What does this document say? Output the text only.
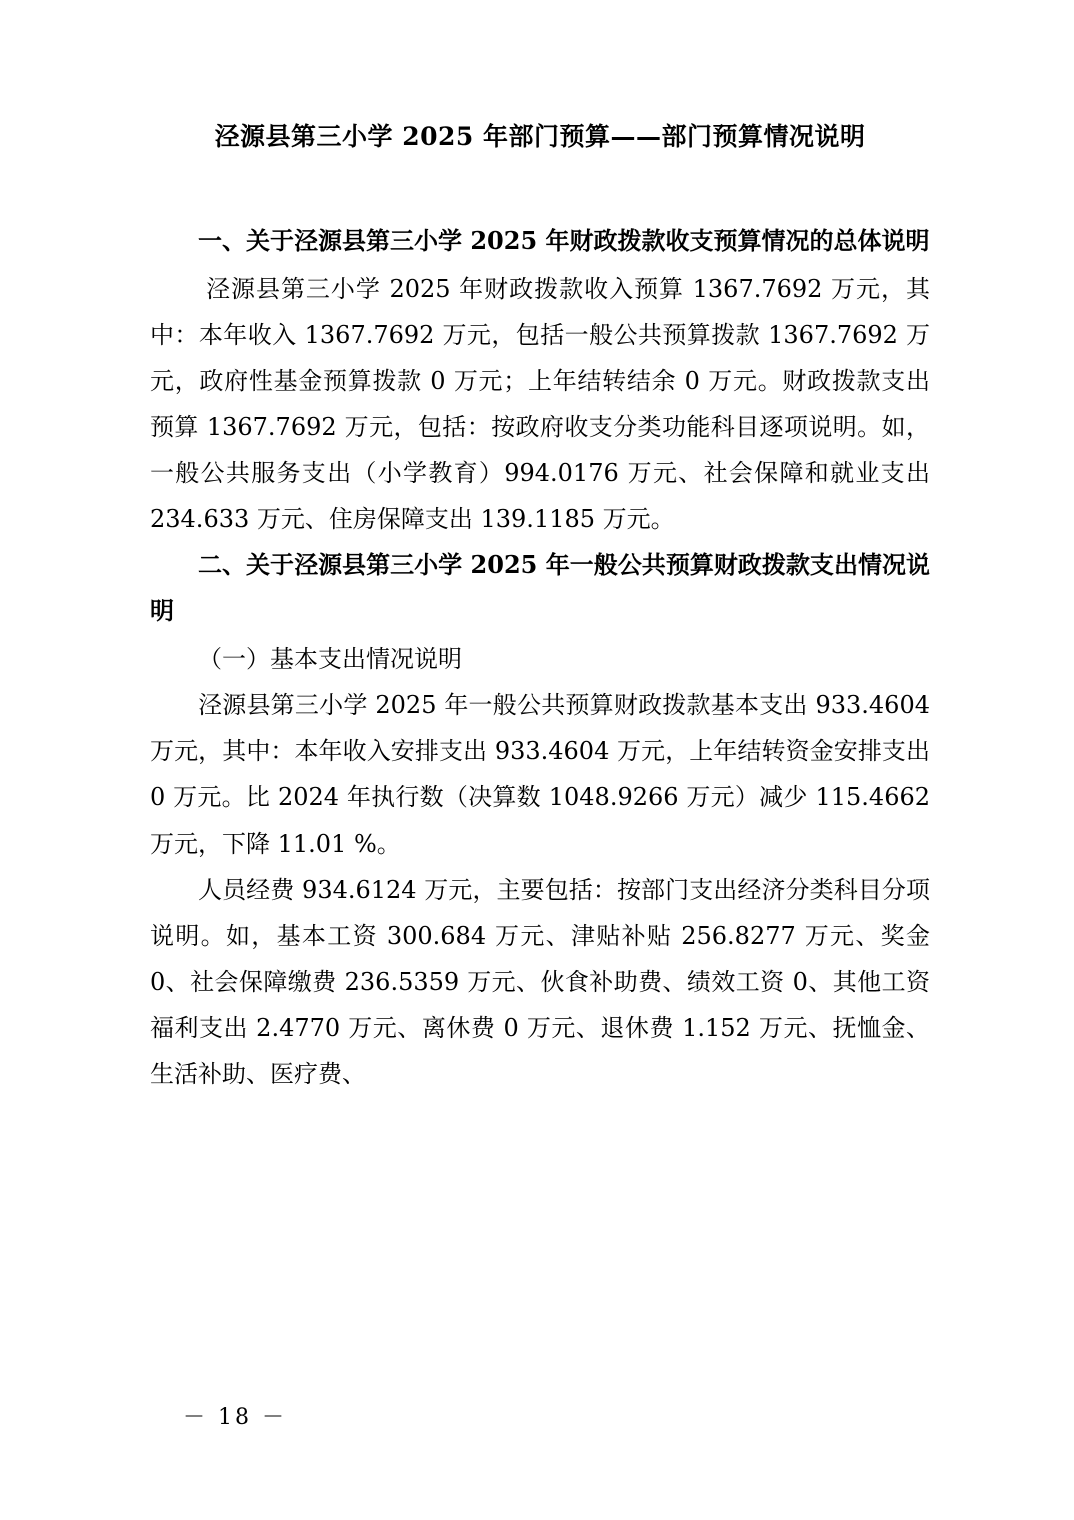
泾源县第三小学 2025 年部门预算——部门预算情况说明

一、关于泾源县第三小学 2025 年财政拨款收支预算情况的总体说明

泾源县第三小学 2025 年财政拨款收入预算 1367.7692 万元，其中：本年收入 1367.7692 万元，包括一般公共预算拨款 1367.7692 万元，政府性基金预算拨款 0 万元；上年结转结余 0 万元。财政拨款支出预算 1367.7692 万元，包括：按政府收支分类功能科目逐项说明。如，一般公共服务支出（小学教育）994.0176 万元、社会保障和就业支出 234.633 万元、住房保障支出 139.1185 万元。

二、关于泾源县第三小学 2025 年一般公共预算财政拨款支出情况说明

（一）基本支出情况说明

泾源县第三小学 2025 年一般公共预算财政拨款基本支出 933.4604 万元，其中：本年收入安排支出 933.4604 万元，上年结转资金安排支出 0 万元。比 2024 年执行数（决算数 1048.9266 万元）减少 115.4662 万元，下降 11.01 %。

人员经费 934.6124 万元，主要包括：按部门支出经济分类科目分项说明。如，基本工资 300.684 万元、津贴补贴 256.8277 万元、奖金 0、社会保障缴费 236.5359 万元、伙食补助费、绩效工资 0、其他工资福利支出 2.4770 万元、离休费 0 万元、退休费 1.152 万元、抚恤金、生活补助、医疗费、

－ 18 －
